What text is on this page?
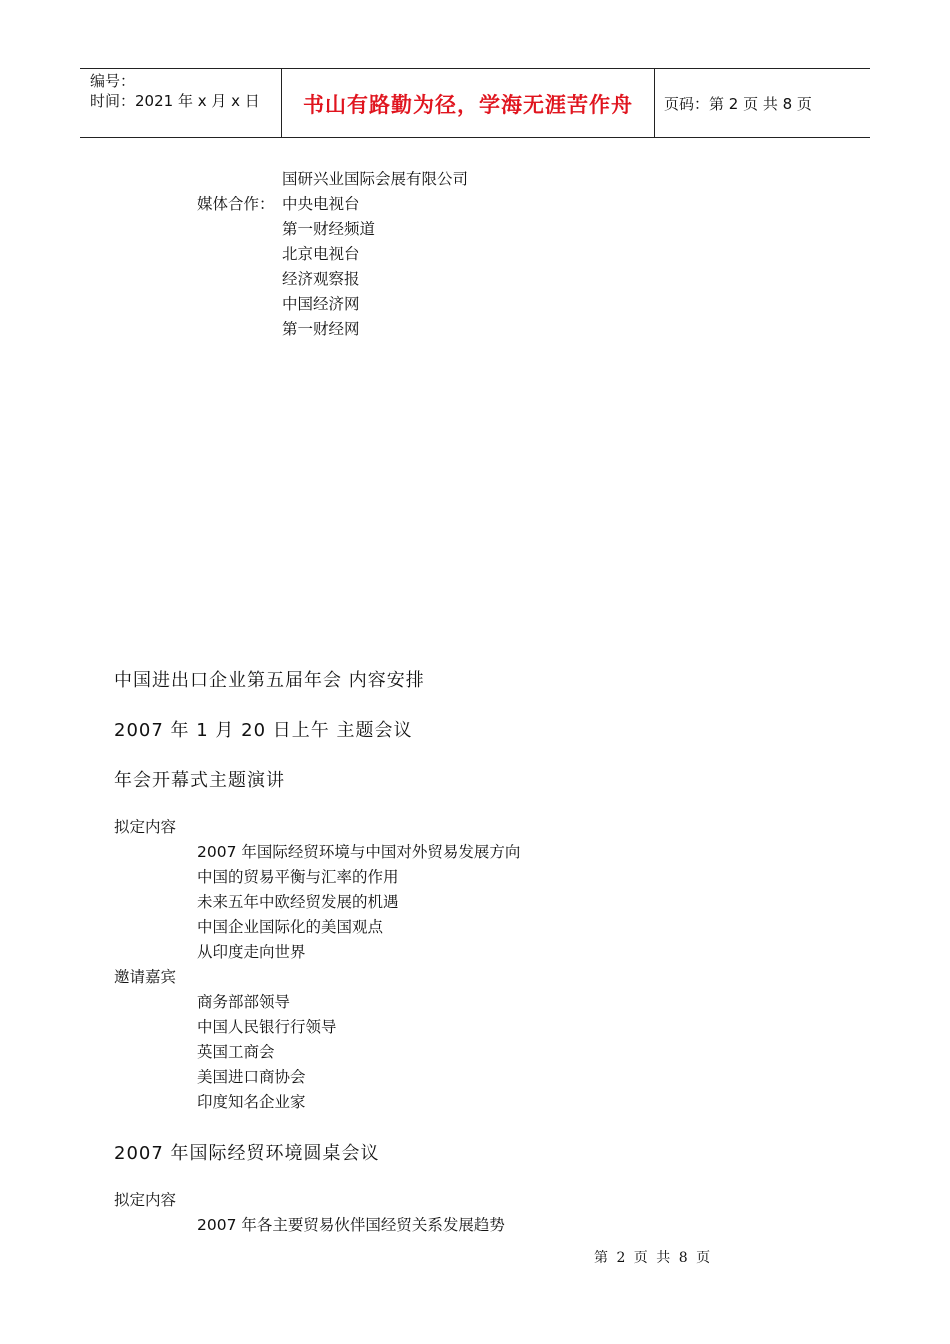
编号：
时间：2021 年 x 月 x 日	书山有路勤为径，学海无涯苦作舟	页码：第 2 页 共 8 页
国研兴业国际会展有限公司
媒体合作： 中央电视台
第一财经频道
北京电视台
经济观察报
中国经济网
第一财经网
中国进出口企业第五届年会 内容安排
2007 年 1 月 20 日上午 主题会议
年会开幕式主题演讲
拟定内容
2007 年国际经贸环境与中国对外贸易发展方向
中国的贸易平衡与汇率的作用
未来五年中欧经贸发展的机遇
中国企业国际化的美国观点
从印度走向世界
邀请嘉宾
商务部部领导
中国人民银行行领导
英国工商会
美国进口商协会
印度知名企业家
2007 年国际经贸环境圆桌会议
拟定内容
2007 年各主要贸易伙伴国经贸关系发展趋势
第 2 页 共 8 页
